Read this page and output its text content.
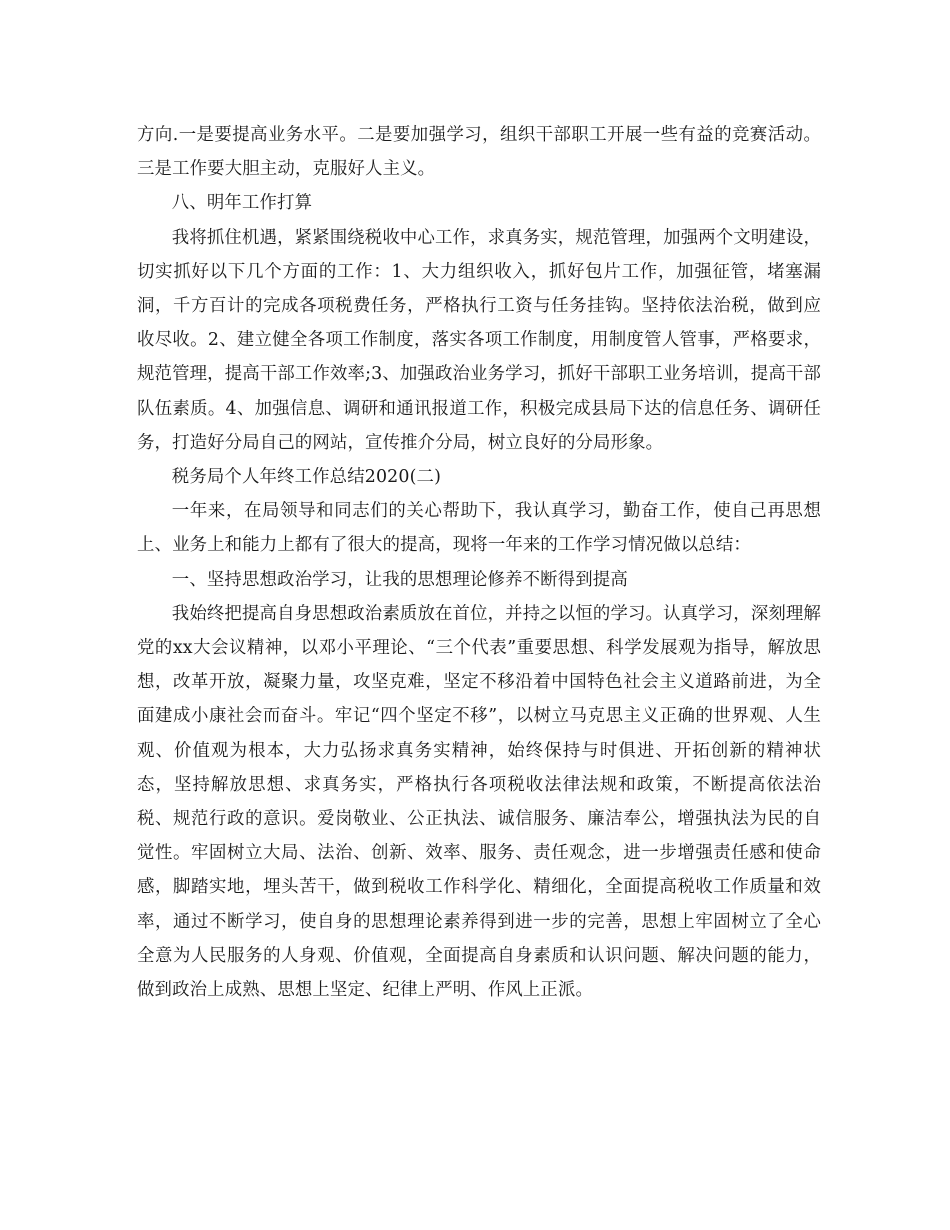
方向.一是要提高业务水平。二是要加强学习，组织干部职工开展一些有益的竞赛活动。三是工作要大胆主动，克服好人主义。

八、明年工作打算

我将抓住机遇，紧紧围绕税收中心工作，求真务实，规范管理，加强两个文明建设，切实抓好以下几个方面的工作：1、大力组织收入，抓好包片工作，加强征管，堵塞漏洞，千方百计的完成各项税费任务，严格执行工资与任务挂钩。坚持依法治税，做到应收尽收。2、建立健全各项工作制度，落实各项工作制度，用制度管人管事，严格要求，规范管理，提高干部工作效率;3、加强政治业务学习，抓好干部职工业务培训，提高干部队伍素质。4、加强信息、调研和通讯报道工作，积极完成县局下达的信息任务、调研任务，打造好分局自己的网站，宣传推介分局，树立良好的分局形象。

税务局个人年终工作总结2020(二)

一年来，在局领导和同志们的关心帮助下，我认真学习，勤奋工作，使自己再思想上、业务上和能力上都有了很大的提高，现将一年来的工作学习情况做以总结：

一、坚持思想政治学习，让我的思想理论修养不断得到提高

我始终把提高自身思想政治素质放在首位，并持之以恒的学习。认真学习，深刻理解党的xx大会议精神，以邓小平理论、“三个代表”重要思想、科学发展观为指导，解放思想，改革开放，凝聚力量，攻坚克难，坚定不移沿着中国特色社会主义道路前进，为全面建成小康社会而奋斗。牢记“四个坚定不移”，以树立马克思主义正确的世界观、人生观、价值观为根本，大力弘扬求真务实精神，始终保持与时俱进、开拓创新的精神状态，坚持解放思想、求真务实，严格执行各项税收法律法规和政策，不断提高依法治税、规范行政的意识。爱岗敬业、公正执法、诚信服务、廉洁奉公，增强执法为民的自觉性。牢固树立大局、法治、创新、效率、服务、责任观念，进一步增强责任感和使命感，脚踏实地，埋头苦干，做到税收工作科学化、精细化，全面提高税收工作质量和效率，通过不断学习，使自身的思想理论素养得到进一步的完善，思想上牢固树立了全心全意为人民服务的人身观、价值观，全面提高自身素质和认识问题、解决问题的能力，做到政治上成熟、思想上坚定、纪律上严明、作风上正派。
